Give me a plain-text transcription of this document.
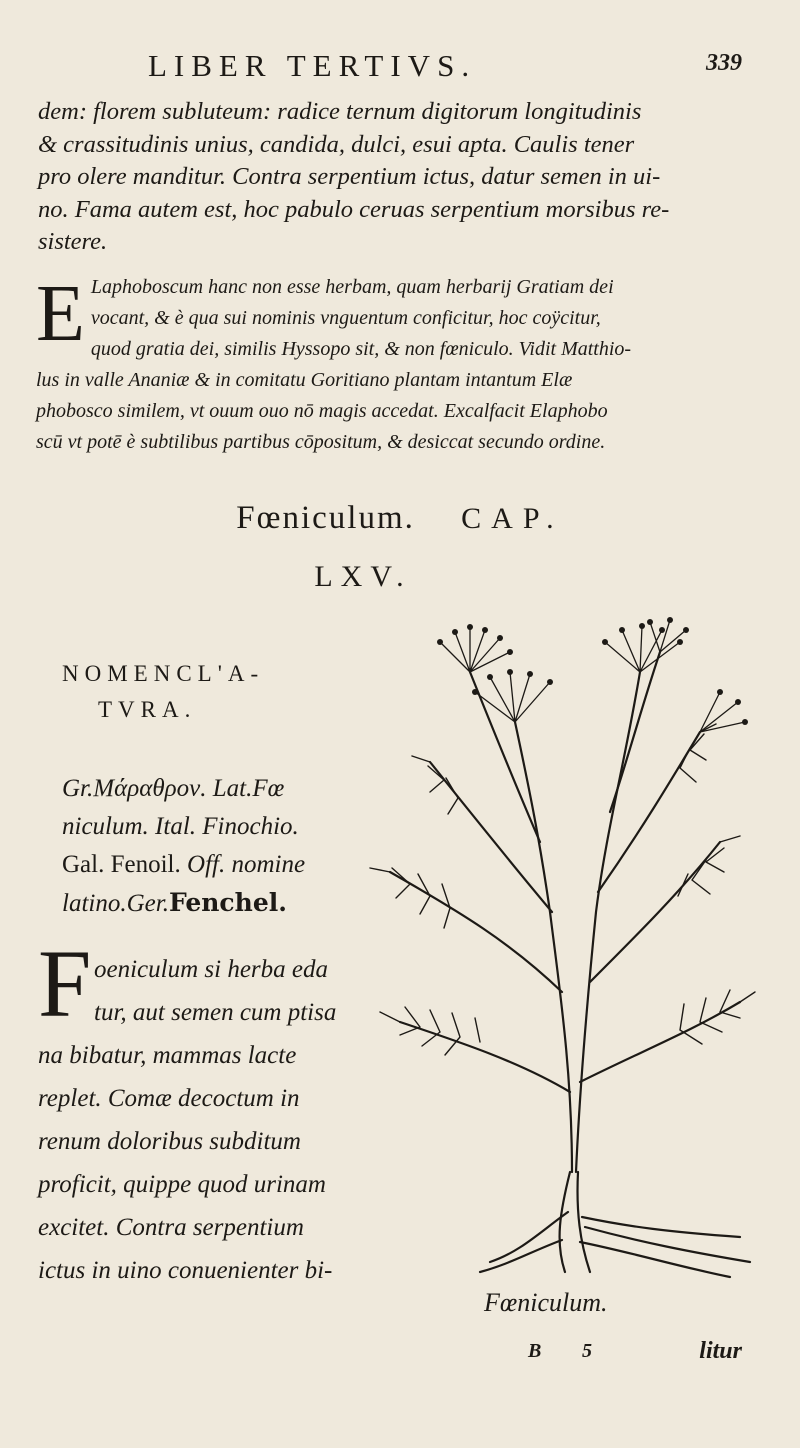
LIBER TERTIVS.	339
dem: florem subluteum: radice ternum digitorum longitudinis
& crassitudinis unius, candida, dulci, esui apta. Caulis tener
pro olere manditur. Contra serpentium ictus, datur semen in ui-
no. Fama autem est, hoc pabulo ceruas serpentium morsibus re-
sistere.
E Laphoboscum hanc non esse herbam, quam herbarij Gratiam dei
vocant, & è qua sui nominis vnguentum conficitur, hoc coÿcitur,
quod gratia dei, similis Hyssopo sit, & non fœniculo. Vidit Matthio-
lus in valle Ananiæ & in comitatu Goritiano plantam intantum Elæ
phobosco similem, vt ouum ouo nō magis accedat. Excalfacit Elaphobo
scū vt potē è subtilibus partibus cōpositum, & desiccat secundo ordine.
Fœniculum. CAP.
LXV.
NOMENCL'A-
TVRA.
Gr.Μάραθρον. Lat.Fœ
niculum. Ital. Finochio.
Gal. Fenoil. Off. nomine
latino.Ger.Fenchel.
F oeniculum si herba eda
tur, aut semen cum ptisa
na bibatur, mammas lacte
replet. Comæ decoctum in
renum doloribus subditum
proficit, quippe quod urinam
excitet. Contra serpentium
ictus in uino conuenienter bi-
Fœniculum.
B 5	litur
